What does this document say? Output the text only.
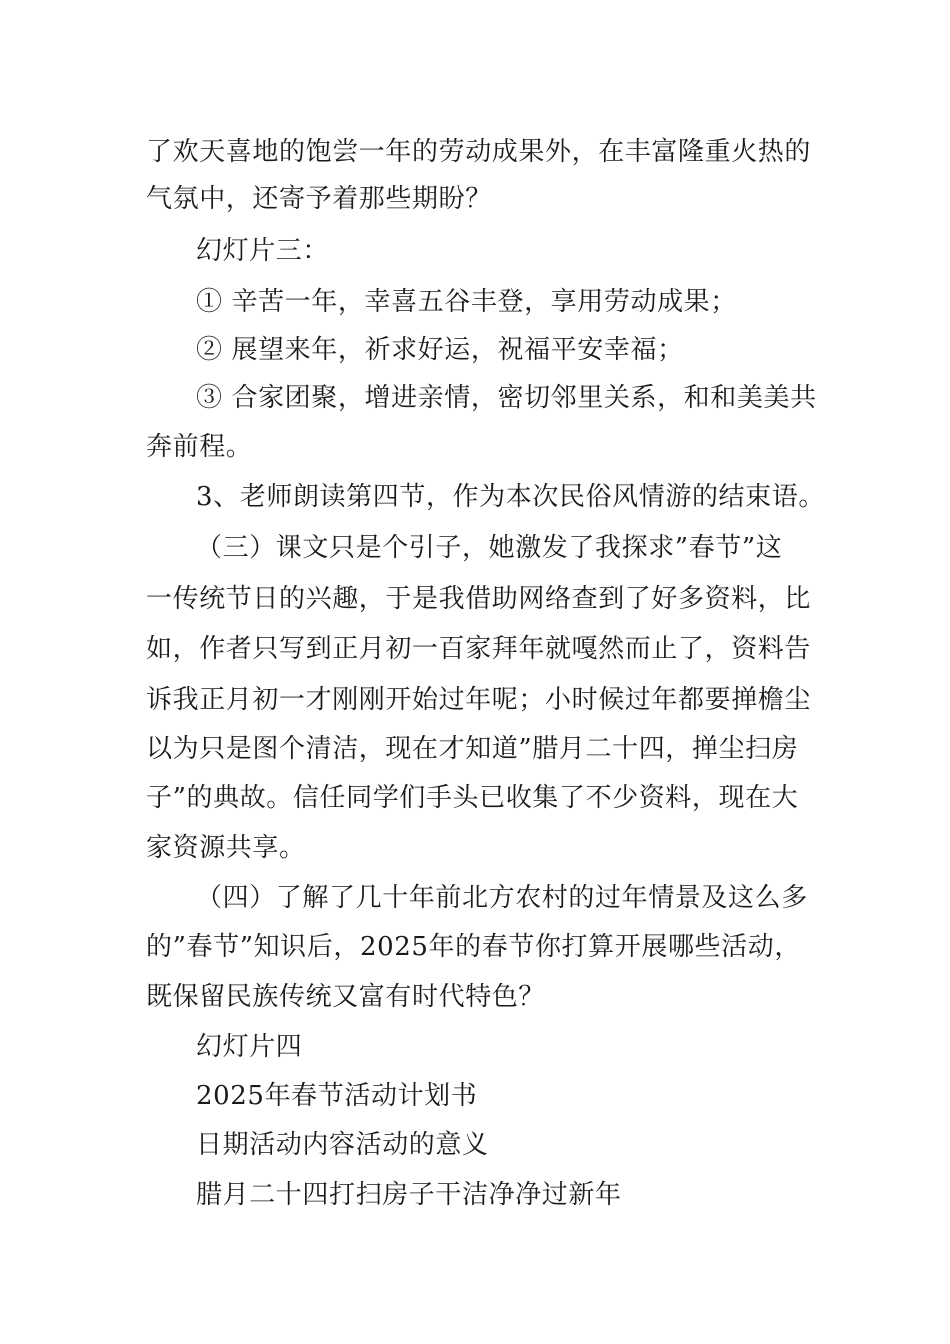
了欢天喜地的饱尝一年的劳动成果外，在丰富隆重火热的
气氛中，还寄予着那些期盼？
幻灯片三：
① 辛苦一年，幸喜五谷丰登，享用劳动成果；
② 展望来年，祈求好运，祝福平安幸福；
③ 合家团聚，增进亲情，密切邻里关系，和和美美共
奔前程。
3、老师朗读第四节，作为本次民俗风情游的结束语。
（三）课文只是个引子，她激发了我探求”春节”这
一传统节日的兴趣，于是我借助网络查到了好多资料，比
如，作者只写到正月初一百家拜年就嘎然而止了，资料告
诉我正月初一才刚刚开始过年呢；小时候过年都要掸檐尘
以为只是图个清洁，现在才知道”腊月二十四，掸尘扫房
子”的典故。信任同学们手头已收集了不少资料，现在大
家资源共享。
（四）了解了几十年前北方农村的过年情景及这么多
的”春节”知识后，2025年的春节你打算开展哪些活动，
既保留民族传统又富有时代特色？
幻灯片四
2025年春节活动计划书
日期活动内容活动的意义
腊月二十四打扫房子干洁净净过新年
